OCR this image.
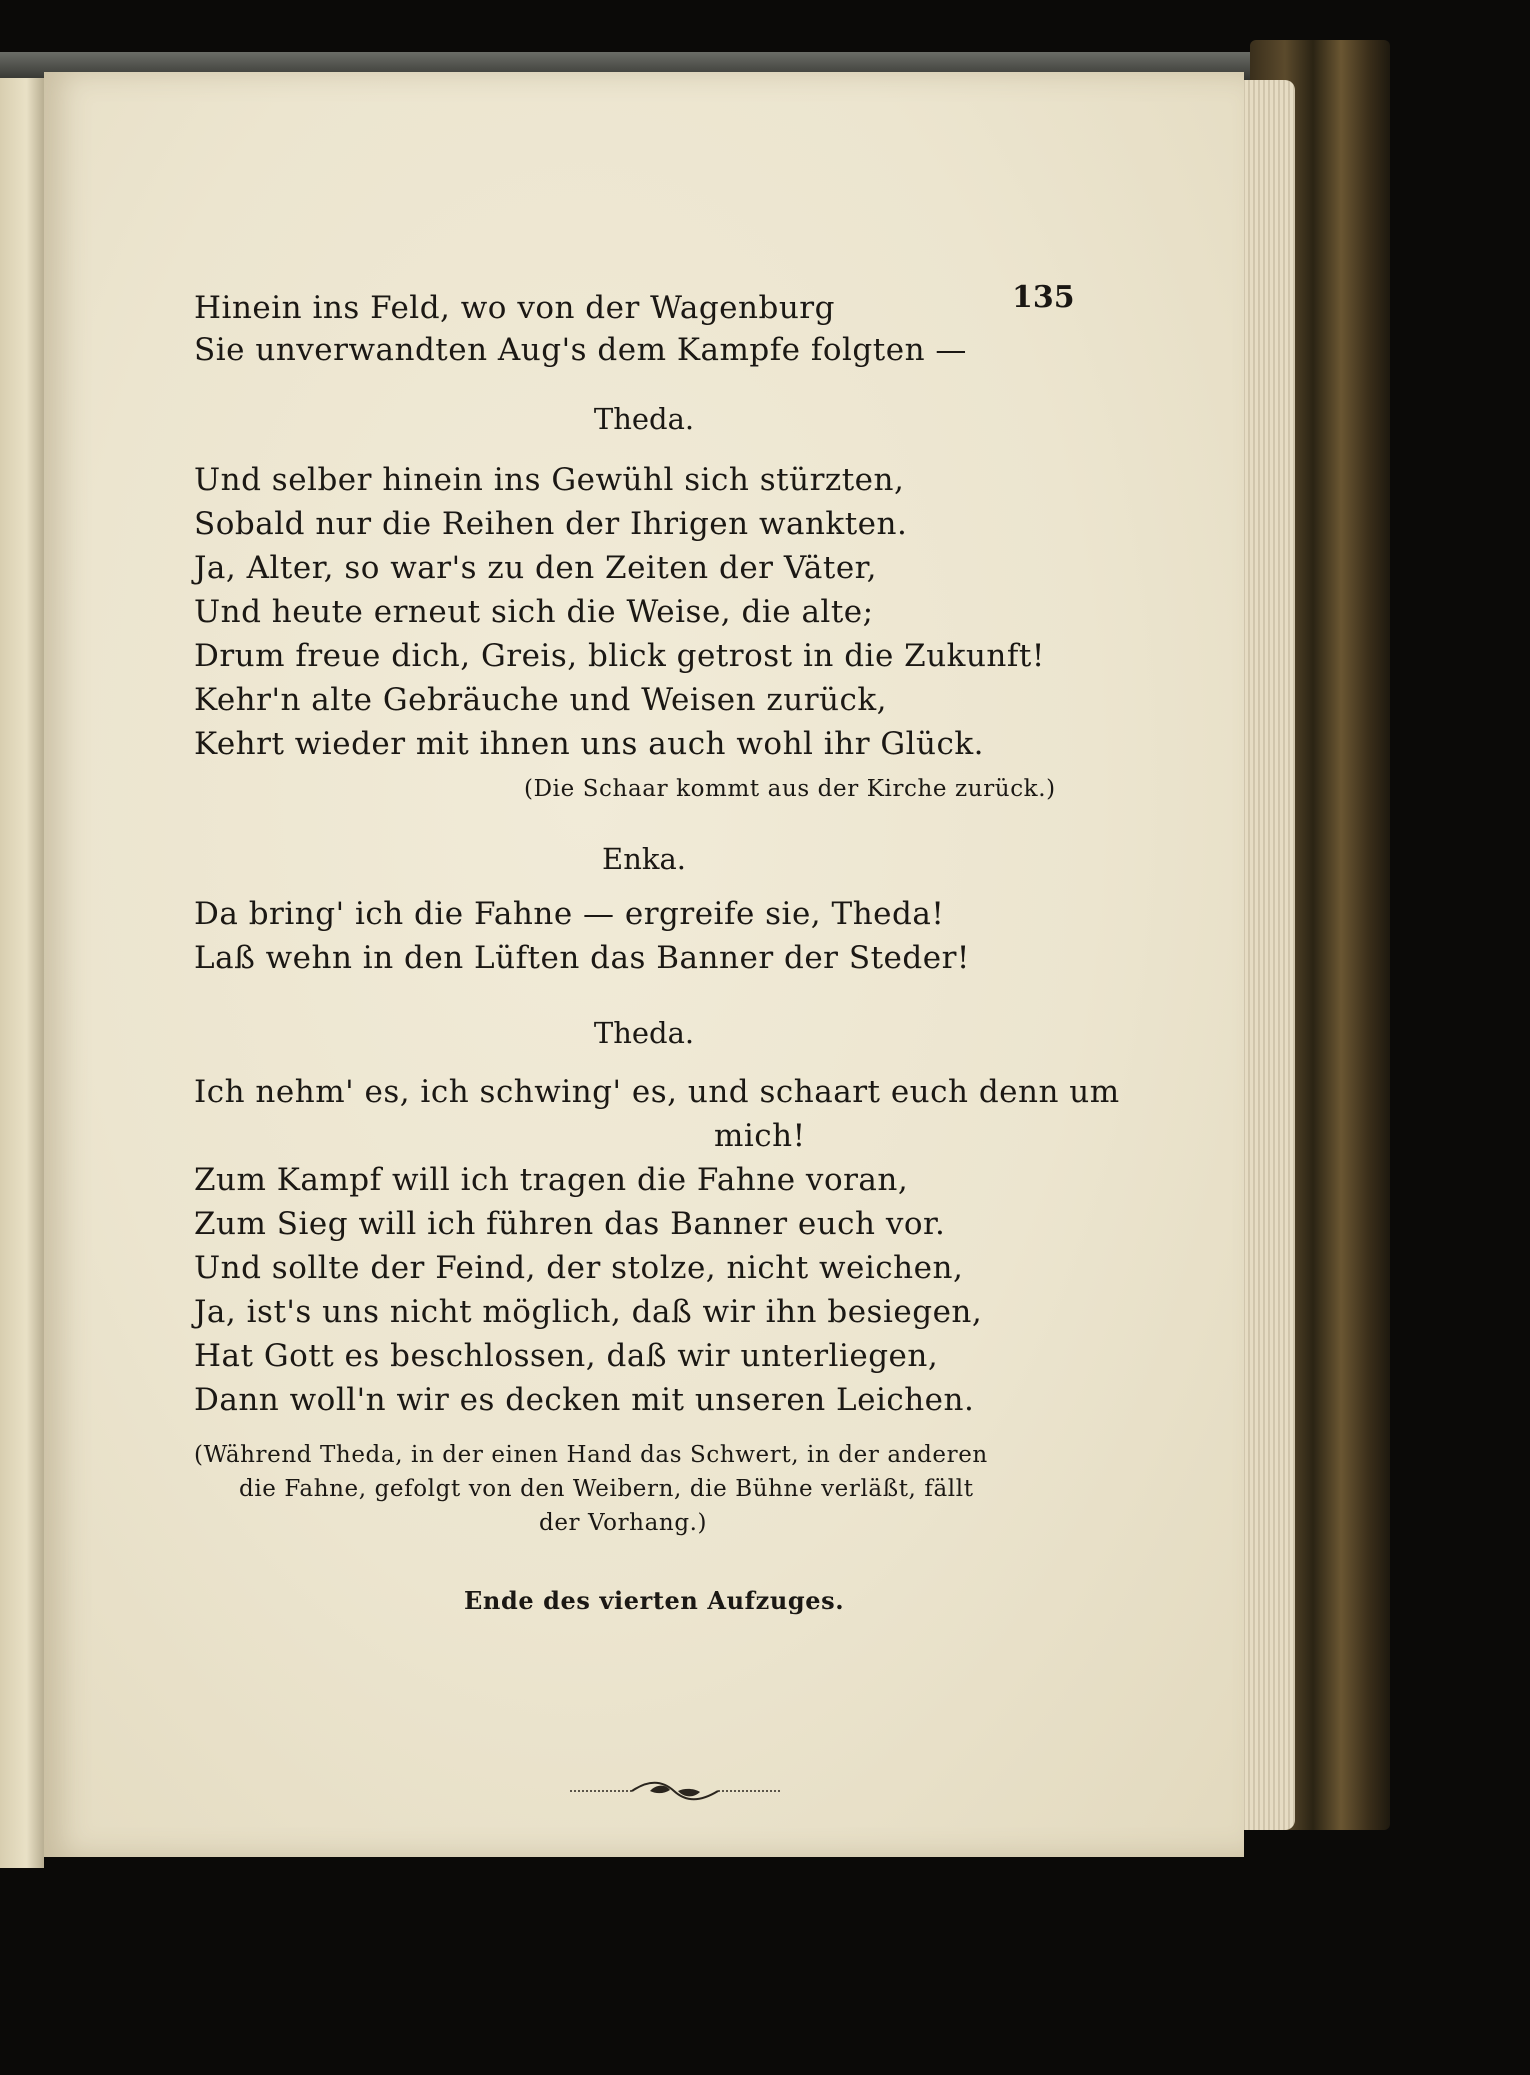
135
Hinein ins Feld, wo von der Wagenburg
Sie unverwandten Aug's dem Kampfe folgten —
Theda.
Und selber hinein ins Gewühl sich stürzten,
Sobald nur die Reihen der Ihrigen wankten.
Ja, Alter, so war's zu den Zeiten der Väter,
Und heute erneut sich die Weise, die alte;
Drum freue dich, Greis, blick getrost in die Zukunft!
Kehr'n alte Gebräuche und Weisen zurück,
Kehrt wieder mit ihnen uns auch wohl ihr Glück.
(Die Schaar kommt aus der Kirche zurück.)
Enka.
Da bring' ich die Fahne — ergreife sie, Theda!
Laß wehn in den Lüften das Banner der Steder!
Theda.
Ich nehm' es, ich schwing' es, und schaart euch denn um
mich!
Zum Kampf will ich tragen die Fahne voran,
Zum Sieg will ich führen das Banner euch vor.
Und sollte der Feind, der stolze, nicht weichen,
Ja, ist's uns nicht möglich, daß wir ihn besiegen,
Hat Gott es beschlossen, daß wir unterliegen,
Dann woll'n wir es decken mit unseren Leichen.
(Während Theda, in der einen Hand das Schwert, in der anderen
die Fahne, gefolgt von den Weibern, die Bühne verläßt, fällt
der Vorhang.)
Ende des vierten Aufzuges.
